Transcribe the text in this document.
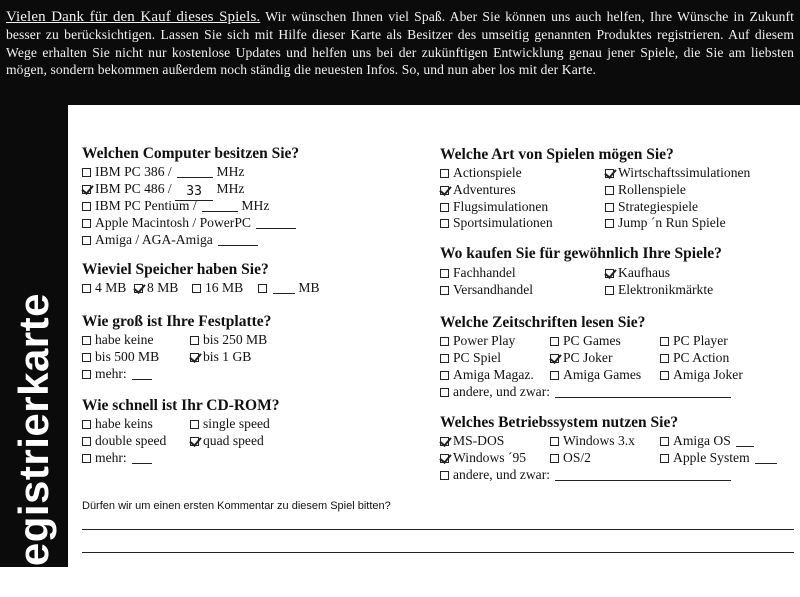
Vielen Dank für den Kauf dieses Spiels. Wir wünschen Ihnen viel Spaß. Aber Sie können uns auch helfen, Ihre Wünsche in Zukunft besser zu berücksichtigen. Lassen Sie sich mit Hilfe dieser Karte als Besitzer des umseitig genannten Produktes registrieren. Auf diesem Wege erhalten Sie nicht nur kostenlose Updates und helfen uns bei der zukünftigen Entwicklung genau jener Spiele, die Sie am liebsten mögen, sondern bekommen außerdem noch ständig die neuesten Infos. So, und nun aber los mit der Karte.

Registrierkarte
Welchen Computer besitzen Sie?
IBM PC 386 /	MHz
IBM PC 486 / 33 MHz
IBM PC Pentium /	MHz
Apple Macintosh / PowerPC
Amiga / AGA-Amiga
Wieviel Speicher haben Sie?
4 MB	8 MB	16 MB	MB
Wie groß ist Ihre Festplatte?
habe keine	bis 250 MB
bis 500 MB	bis 1 GB
mehr:
Wie schnell ist Ihr CD-ROM?
habe keins	single speed
double speed	quad speed
mehr:
Welche Art von Spielen mögen Sie?
Actionspiele	Wirtschaftssimulationen
Adventures	Rollenspiele
Flugsimulationen	Strategiespiele
Sportsimulationen	Jump ´n Run Spiele
Wo kaufen Sie für gewöhnlich Ihre Spiele?
Fachhandel	Kaufhaus
Versandhandel	Elektronikmärkte
Welche Zeitschriften lesen Sie?
Power Play	PC Games	PC Player
PC Spiel	PC Joker	PC Action
Amiga Magaz.	Amiga Games	Amiga Joker
andere, und zwar:
Welches Betriebssystem nutzen Sie?
MS-DOS	Windows 3.x	Amiga OS
Windows ´95	OS/2	Apple System
andere, und zwar:
Dürfen wir um einen ersten Kommentar zu diesem Spiel bitten?
